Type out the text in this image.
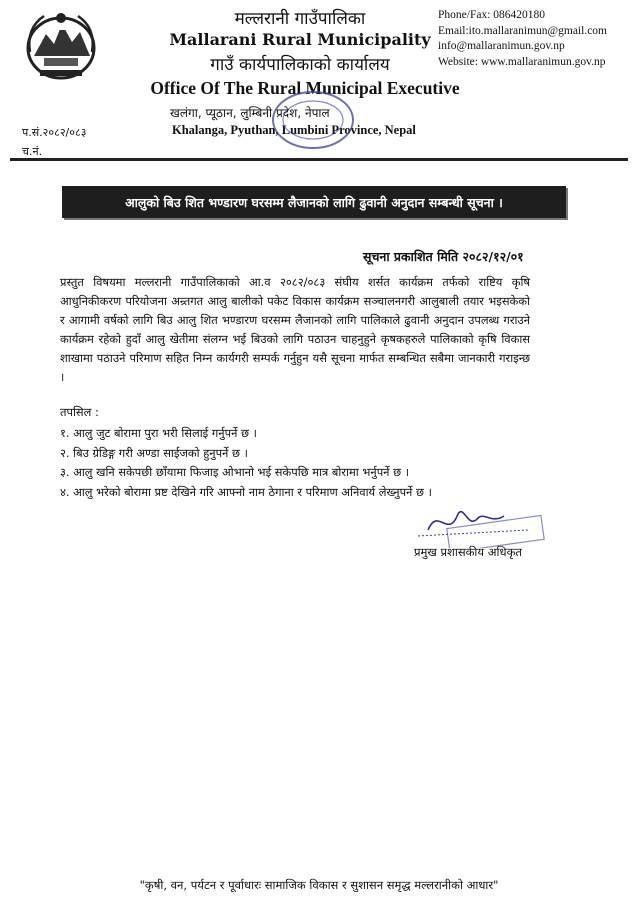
मल्लरानी गाउँपालिका
Mallarani Rural Municipality
गाउँ कार्यपालिकाको कार्यालय
Office Of The Rural Municipal Executive
खलंगा, प्यूठान, लुम्बिनी प्रदेश, नेपाल
Khalanga, Pyuthan, Lumbini Province, Nepal
Phone/Fax: 086420180
Email:ito.mallaranimun@gmail.com
info@mallaranimun.gov.np
Website: www.mallaranimun.gov.np
प.सं.२०८२/०८३
च.नं.
आलुको बिउ शित भण्डारण घरसम्म लैजानको लागि ढुवानी अनुदान सम्बन्धी सूचना ।
सूचना प्रकाशित मिति २०८२/१२/०१
प्रस्तुत विषयमा मल्लरानी गाउँपालिकाको आ.व २०८२/०८३ संघीय शर्सत कार्यक्रम तर्फको राष्टिय कृषि आधुनिकीकरण परियोजना अन्र्तगत आलु बालीको पकेट विकास कार्यक्रम सञ्चालनगरी आलुबाली तयार भइसकेको र आगामी वर्षको लागि बिउ आलु शित भण्डारण घरसम्म लैजानको लागि पालिकाले ढुवानी अनुदान उपलब्ध गराउने कार्यक्रम रहेको हुदाँ आलु खेतीमा संलग्न भई बिउको लागि पठाउन चाहनुहुने कृषकहरुले पालिकाको कृषि विकास शाखामा पठाउने परिमाण सहित निम्न कार्यगरी सम्पर्क गर्नुहुन यसै सूचना मार्फत सम्बन्धित सबैमा जानकारी गराइन्छ ।
तपसिल :
१. आलु जुट बोरामा पुरा भरी सिलाई गर्नुपर्ने छ ।
२. बिउ ग्रेडिङ्ग गरी अण्डा साईजको हुनुपर्ने छ ।
३. आलु खनि सकेपछी छाँयामा फिजाइ ओभानो भई सकेपछि मात्र बोरामा भर्नुपर्ने छ ।
४. आलु भरेको बोरामा प्रष्ट देखिने गरि आफ्नो नाम ठेगाना र परिमाण अनिवार्य लेख्नुपर्ने छ ।
प्रमुख प्रशासकीय अधिकृत
"कृषी, वन, पर्यटन र पूर्वाधारः सामाजिक विकास र सुशासन समृद्ध मल्लरानीको आधार"
